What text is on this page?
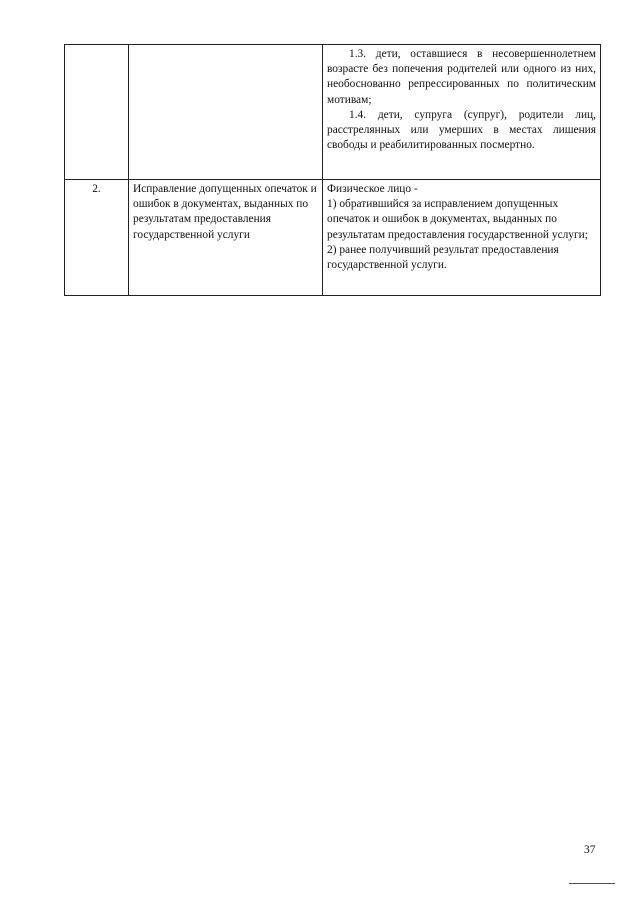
		1.3. дети, оставшиеся в несовершеннолетнем возрасте без попечения родителей или одного из них, необоснованно репрессированных по политическим мотивам;

1.4. дети, супруга (супруг), родители лиц, расстрелянных или умерших в местах лишения свободы и реабилитированных посмертно.

2.	Исправление допущенных опечаток и ошибок в документах, выданных по результатам предоставления государственной услуги	Физическое лицо -

1) обратившийся за исправлением допущенных опечаток и ошибок в документах, выданных по результатам предоставления государственной услуги;

2) ранее получивший результат предоставления государственной услуги.

37
